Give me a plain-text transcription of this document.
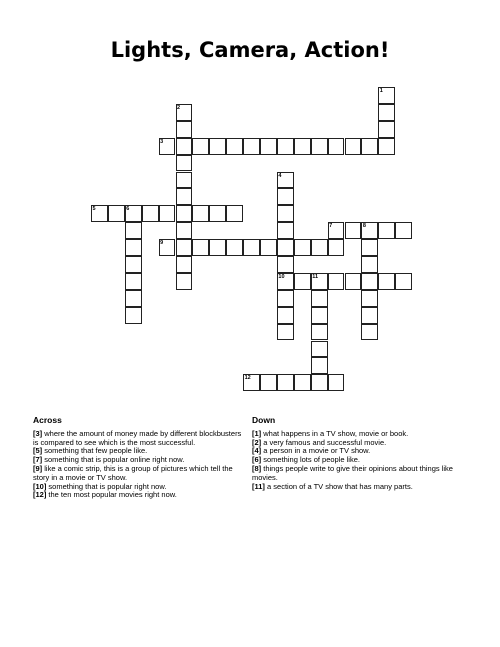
Lights, Camera, Action!
1
2
3
4
5	6
7	8
9
10	11
12
Across

[3] where the amount of money made by different blockbusters is compared to see which is the most successful.

[5] something that few people like.

[7] something that is popular online right now.

[9] like a comic strip, this is a group of pictures which tell the story in a movie or TV show.

[10] something that is popular right now.

[12] the ten most popular movies right now.

Down

[1] what happens in a TV show, movie or book.

[2] a very famous and successful movie.

[4] a person in a movie or TV show.

[6] something lots of people like.

[8] things people write to give their opinions about things like movies.

[11] a section of a TV show that has many parts.
